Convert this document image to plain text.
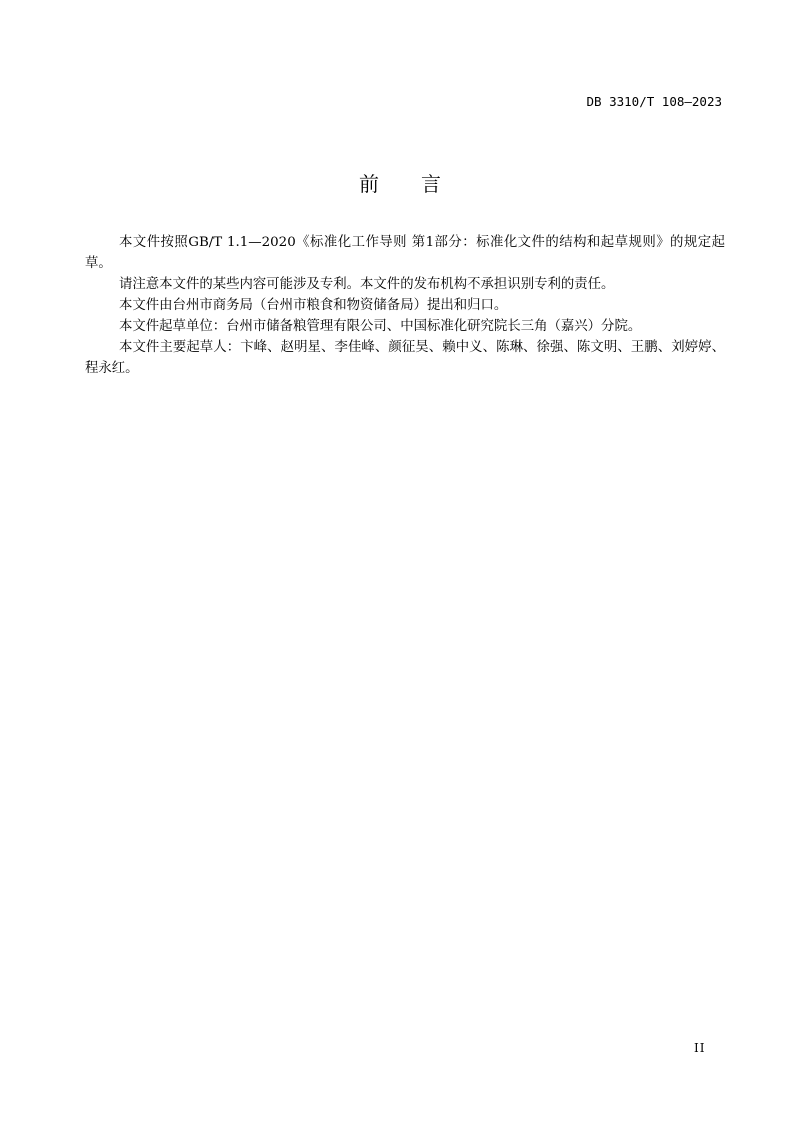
DB 3310/T 108—2023
前 言

本文件按照GB/T 1.1—2020《标准化工作导则 第1部分：标准化文件的结构和起草规则》的规定起草。

请注意本文件的某些内容可能涉及专利。本文件的发布机构不承担识别专利的责任。

本文件由台州市商务局（台州市粮食和物资储备局）提出和归口。

本文件起草单位：台州市储备粮管理有限公司、中国标准化研究院长三角（嘉兴）分院。

本文件主要起草人：卞峰、赵明星、李佳峰、颜征昊、赖中义、陈琳、徐强、陈文明、王鹏、刘婷婷、程永红。

II
